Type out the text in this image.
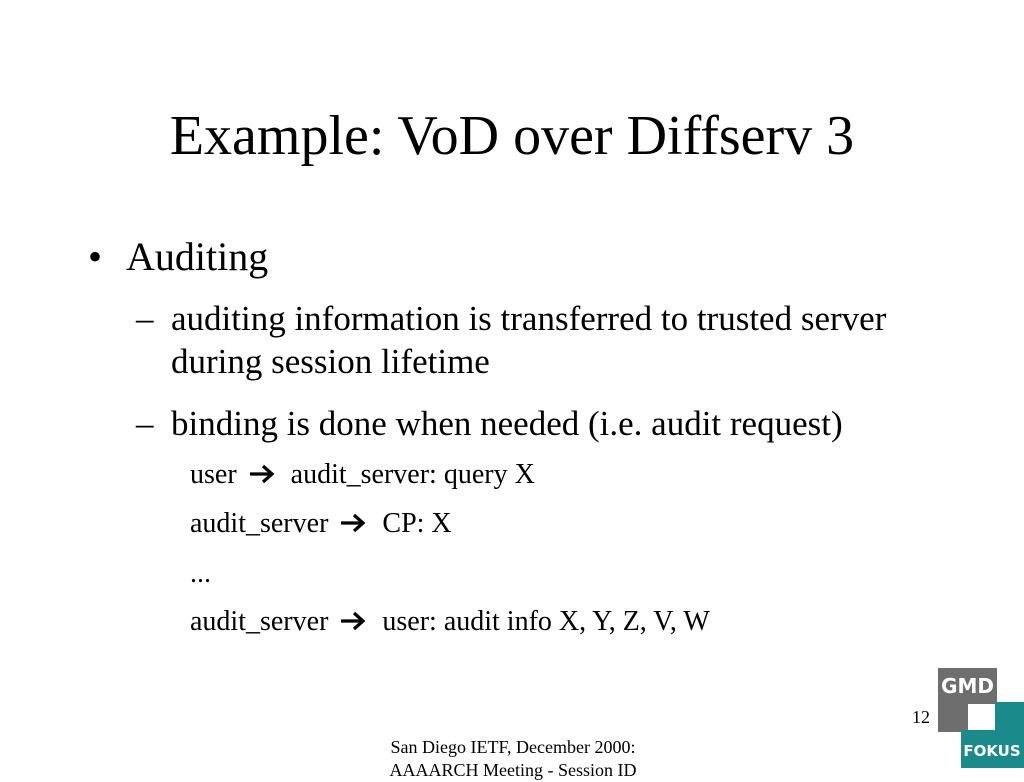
Example: VoD over Diffserv 3
• Auditing
– auditing information is transferred to trusted server during session lifetime
– binding is done when needed (i.e. audit request)
user audit_server: query X
audit_server CP: X
...
audit_server user: audit info X, Y, Z, V, W
12
San Diego IETF, December 2000:
AAAARCH Meeting - Session ID
GMD
FOKUS
